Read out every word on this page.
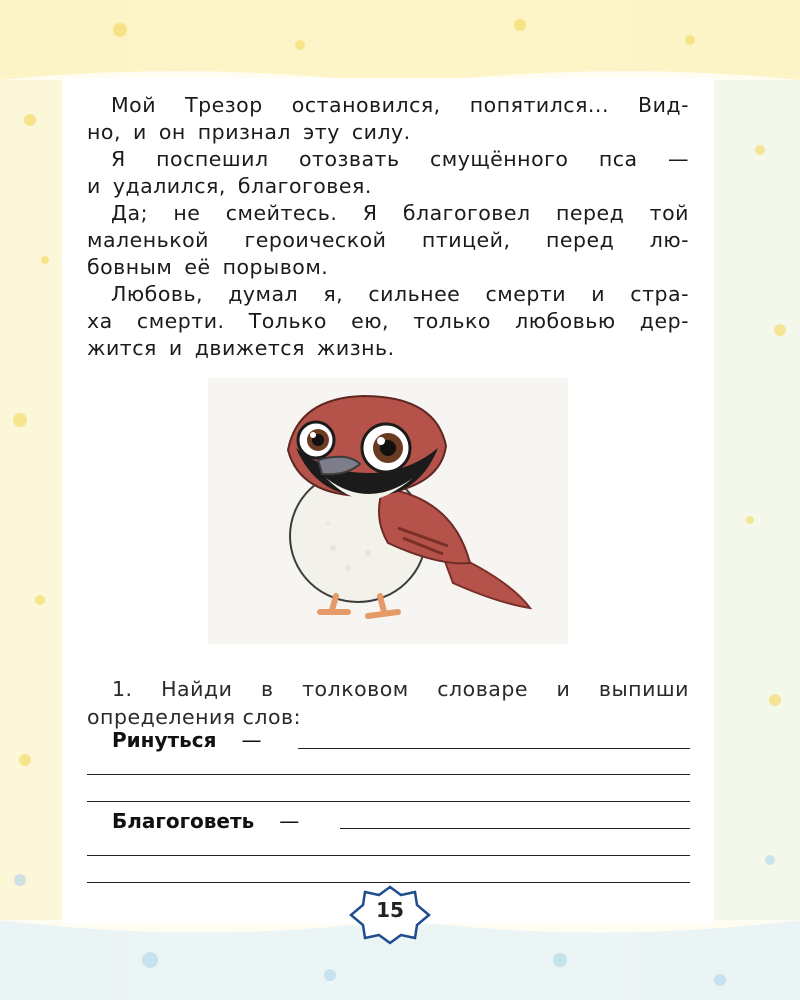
Мой Трезор остановился, попятился... Вид-
но, и он признал эту силу.

Я поспешил отозвать смущённого пса —
и удалился, благоговея.

Да; не смейтесь. Я благоговел перед той
маленькой героической птицей, перед лю-
бовным её порывом.

Любовь, думал я, сильнее смерти и стра-
ха смерти. Только ею, только любовью дер-
жится и движется жизнь.

1. Найди в толковом словаре и выпиши
определения слов:
Ринуться —
Благоговеть —
15
